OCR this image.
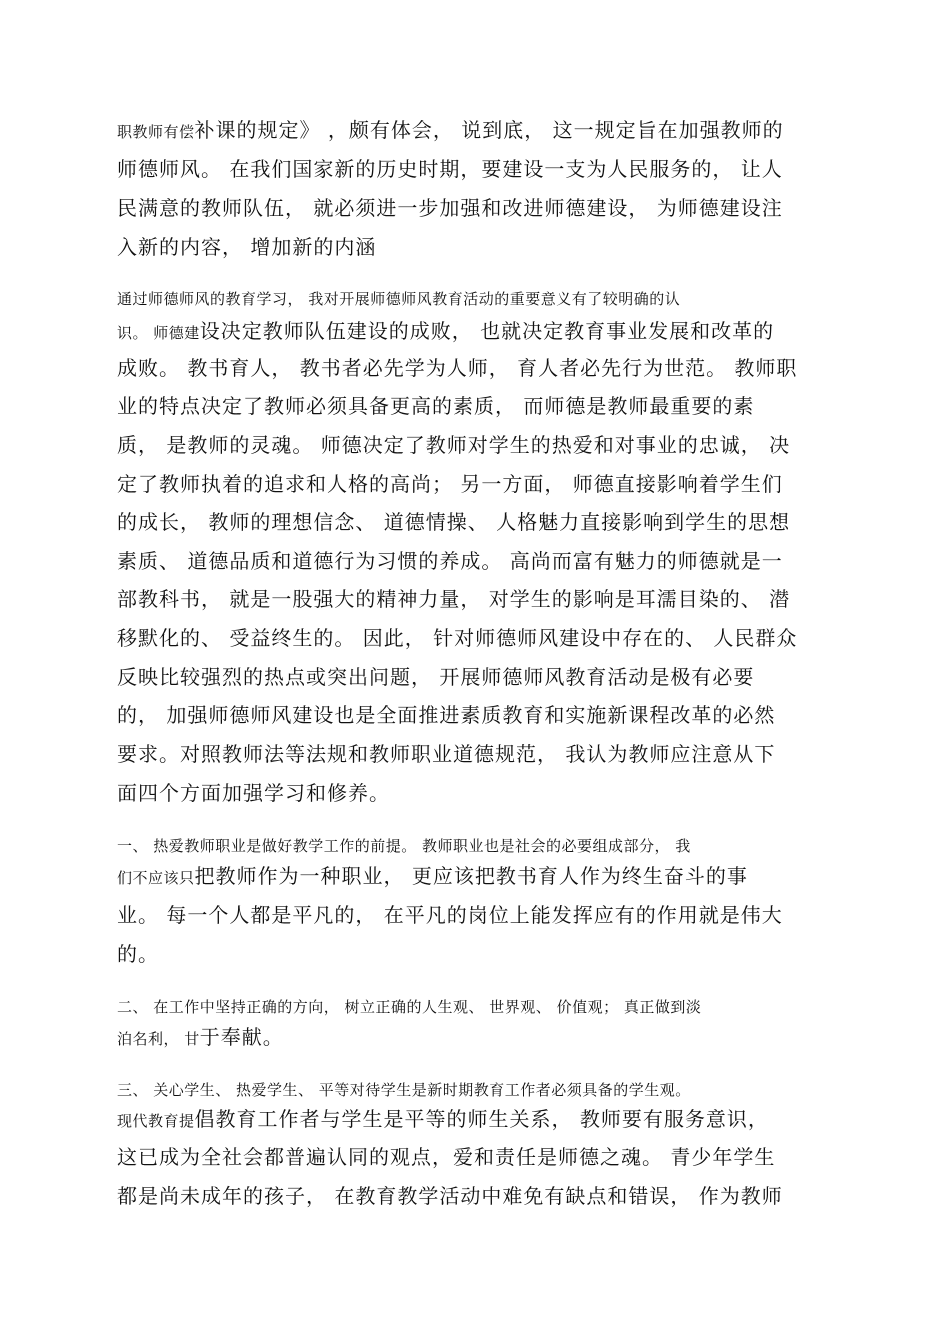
职教师有偿补课的规定》 ，颇有体会， 说到底， 这一规定旨在加强教师的
师德师风。 在我们国家新的历史时期，要建设一支为人民服务的， 让人
民满意的教师队伍， 就必须进一步加强和改进师德建设， 为师德建设注
入新的内容， 增加新的内涵
通过师德师风的教育学习， 我对开展师德师风教育活动的重要意义有了较明确的认
识。 师德建设决定教师队伍建设的成败， 也就决定教育事业发展和改革的
成败。 教书育人， 教书者必先学为人师， 育人者必先行为世范。 教师职
业的特点决定了教师必须具备更高的素质， 而师德是教师最重要的素
质， 是教师的灵魂。 师德决定了教师对学生的热爱和对事业的忠诚， 决
定了教师执着的追求和人格的高尚； 另一方面， 师德直接影响着学生们
的成长， 教师的理想信念、 道德情操、 人格魅力直接影响到学生的思想
素质、 道德品质和道德行为习惯的养成。 高尚而富有魅力的师德就是一
部教科书， 就是一股强大的精神力量， 对学生的影响是耳濡目染的、 潜
移默化的、 受益终生的。 因此， 针对师德师风建设中存在的、 人民群众
反映比较强烈的热点或突出问题， 开展师德师风教育活动是极有必要
的， 加强师德师风建设也是全面推进素质教育和实施新课程改革的必然
要求。对照教师法等法规和教师职业道德规范， 我认为教师应注意从下
面四个方面加强学习和修养。
一、 热爱教师职业是做好教学工作的前提。 教师职业也是社会的必要组成部分， 我
们不应该只把教师作为一种职业， 更应该把教书育人作为终生奋斗的事
业。 每一个人都是平凡的， 在平凡的岗位上能发挥应有的作用就是伟大
的。
二、 在工作中坚持正确的方向， 树立正确的人生观、 世界观、 价值观； 真正做到淡
泊名利， 甘于奉献。
三、 关心学生、 热爱学生、 平等对待学生是新时期教育工作者必须具备的学生观。
现代教育提倡教育工作者与学生是平等的师生关系， 教师要有服务意识，
这已成为全社会都普遍认同的观点，爱和责任是师德之魂。 青少年学生
都是尚未成年的孩子， 在教育教学活动中难免有缺点和错误， 作为教师
